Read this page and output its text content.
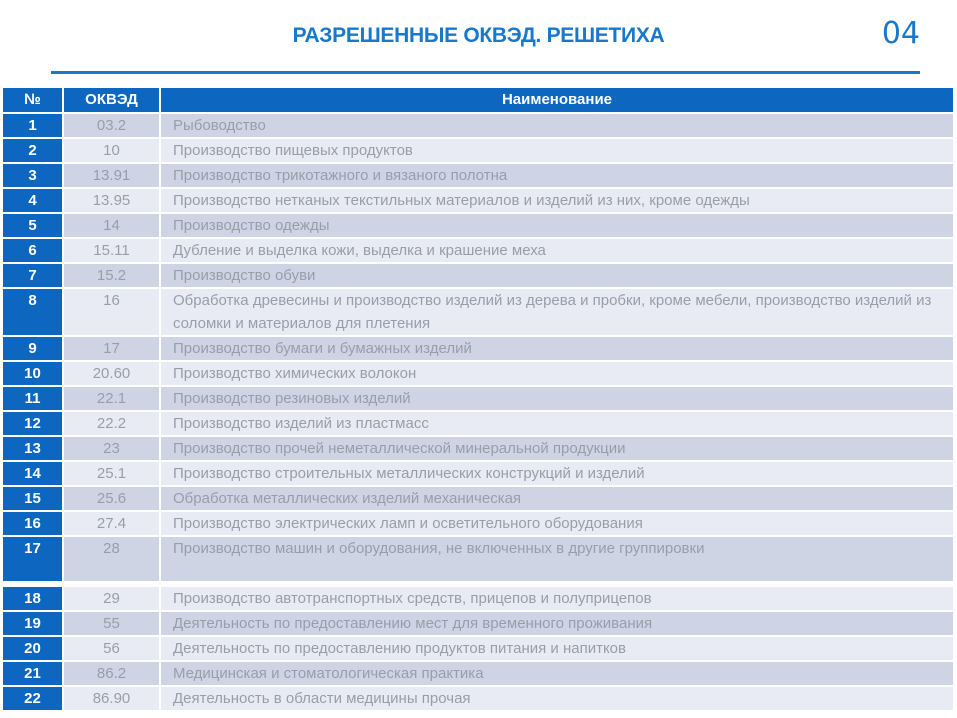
РАЗРЕШЕННЫЕ ОКВЭД. РЕШЕТИХА	04
№	ОКВЭД	Наименование
1	03.2	Рыбоводство
2	10	Производство пищевых продуктов
3	13.91	Производство трикотажного и вязаного полотна
4	13.95	Производство нетканых текстильных материалов и изделий из них, кроме одежды
5	14	Производство одежды
6	15.11	Дубление и выделка кожи, выделка и крашение меха
7	15.2	Производство обуви
8	16	Обработка древесины и производство изделий из дерева и пробки, кроме мебели, производство изделий из соломки и материалов для плетения
9	17	Производство бумаги и бумажных изделий
10	20.60	Производство химических волокон
11	22.1	Производство резиновых изделий
12	22.2	Производство изделий из пластмасс
13	23	Производство прочей неметаллической минеральной продукции
14	25.1	Производство строительных металлических конструкций и изделий
15	25.6	Обработка металлических изделий механическая
16	27.4	Производство электрических ламп и осветительного оборудования
17	28	Производство машин и оборудования, не включенных в другие группировки
18	29	Производство автотранспортных средств, прицепов и полуприцепов
19	55	Деятельность по предоставлению мест для временного проживания
20	56	Деятельность по предоставлению продуктов питания и напитков
21	86.2	Медицинская и стоматологическая практика
22	86.90	Деятельность в области медицины прочая
